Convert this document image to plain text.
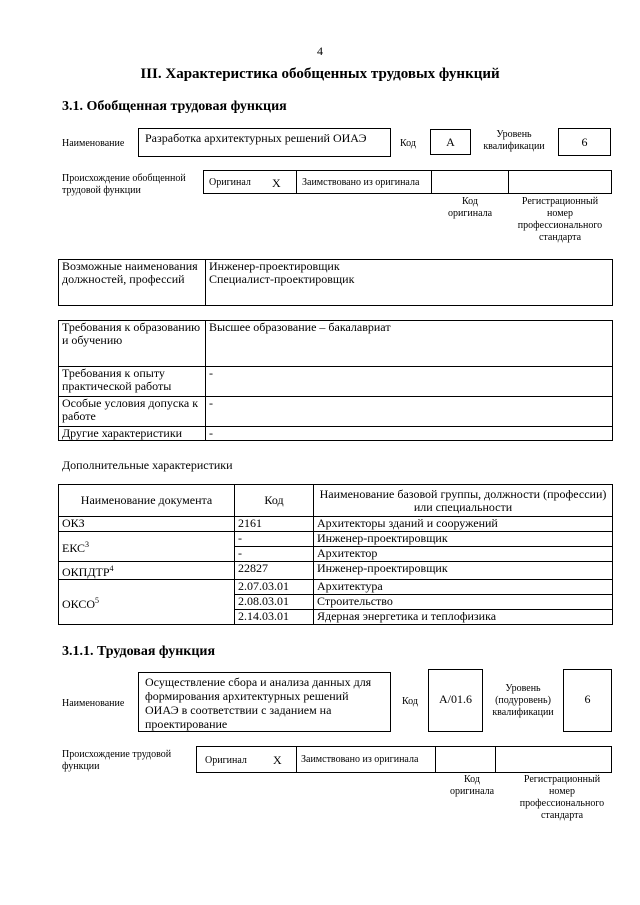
4
III. Характеристика обобщенных трудовых функций
3.1. Обобщенная трудовая функция
Наименование	Разработка архитектурных решений ОИАЭ	Код	А
Уровень квалификации	6
Происхождение обобщенной трудовой функции
Оригинал X Заимствовано из оригинала
Код оригинала
Регистрационный номер профессионального стандарта
Возможные наименования должностей, профессий	
Инженер-проектировщик
Специалист-проектировщик
Требования к образованию и обучению	Высшее образование – бакалавриат
Требования к опыту практической работы	-
Особые условия допуска к работе	-
Другие характеристики	-
Дополнительные характеристики
Наименование документа	Код	Наименование базовой группы, должности (профессии) или специальности
ОКЗ	2161	Архитекторы зданий и сооружений
ЕКС$^3$	-	Инженер-проектировщик
	-	Архитектор
ОКПДТР$^4$	22827	Инженер-проектировщик
ОКСО$^5$	2.07.03.01	Архитектура
	2.08.03.01	Строительство
	2.14.03.01	Ядерная энергетика и теплофизика
3.1.1. Трудовая функция
Наименование
Осуществление сбора и анализа данных для формирования архитектурных решений ОИАЭ в соответствии с заданием на проектирование
Код	A/01.6
Уровень (подуровень) квалификации
6
Происхождение трудовой функции
Оригинал X Заимствовано из оригинала
Код оригинала
Регистрационный номер профессионального стандарта
